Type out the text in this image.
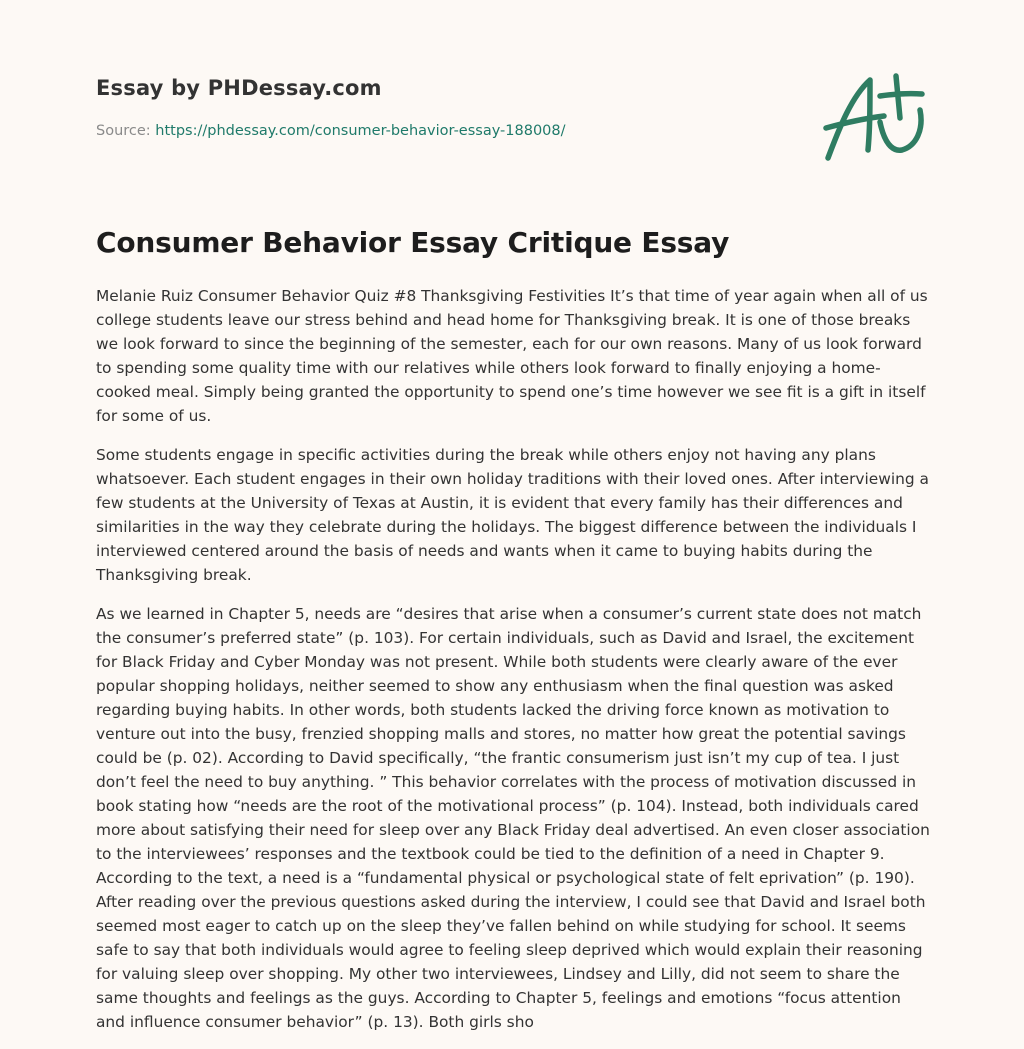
Essay by PHDessay.com
Source: https://phdessay.com/consumer-behavior-essay-188008/
Consumer Behavior Essay Critique Essay

Melanie Ruiz Consumer Behavior Quiz #8 Thanksgiving Festivities It’s that time of year again when all of us college students leave our stress behind and head home for Thanksgiving break. It is one of those breaks we look forward to since the beginning of the semester, each for our own reasons. Many of us look forward to spending some quality time with our relatives while others look forward to finally enjoying a home-cooked meal. Simply being granted the opportunity to spend one’s time however we see fit is a gift in itself for some of us.

Some students engage in specific activities during the break while others enjoy not having any plans whatsoever. Each student engages in their own holiday traditions with their loved ones. After interviewing a few students at the University of Texas at Austin, it is evident that every family has their differences and similarities in the way they celebrate during the holidays. The biggest difference between the individuals I interviewed centered around the basis of needs and wants when it came to buying habits during the Thanksgiving break.

As we learned in Chapter 5, needs are “desires that arise when a consumer’s current state does not match the consumer’s preferred state” (p. 103). For certain individuals, such as David and Israel, the excitement for Black Friday and Cyber Monday was not present. While both students were clearly aware of the ever popular shopping holidays, neither seemed to show any enthusiasm when the final question was asked regarding buying habits. In other words, both students lacked the driving force known as motivation to venture out into the busy, frenzied shopping malls and stores, no matter how great the potential savings could be (p. 02). According to David specifically, “the frantic consumerism just isn’t my cup of tea. I just don’t feel the need to buy anything. ” This behavior correlates with the process of motivation discussed in book stating how “needs are the root of the motivational process” (p. 104). Instead, both individuals cared more about satisfying their need for sleep over any Black Friday deal advertised. An even closer association to the interviewees’ responses and the textbook could be tied to the definition of a need in Chapter 9. According to the text, a need is a “fundamental physical or psychological state of felt eprivation” (p. 190). After reading over the previous questions asked during the interview, I could see that David and Israel both seemed most eager to catch up on the sleep they’ve fallen behind on while studying for school. It seems safe to say that both individuals would agree to feeling sleep deprived which would explain their reasoning for valuing sleep over shopping. My other two interviewees, Lindsey and Lilly, did not seem to share the same thoughts and feelings as the guys. According to Chapter 5, feelings and emotions “focus attention and influence consumer behavior” (p. 13). Both girls sho
